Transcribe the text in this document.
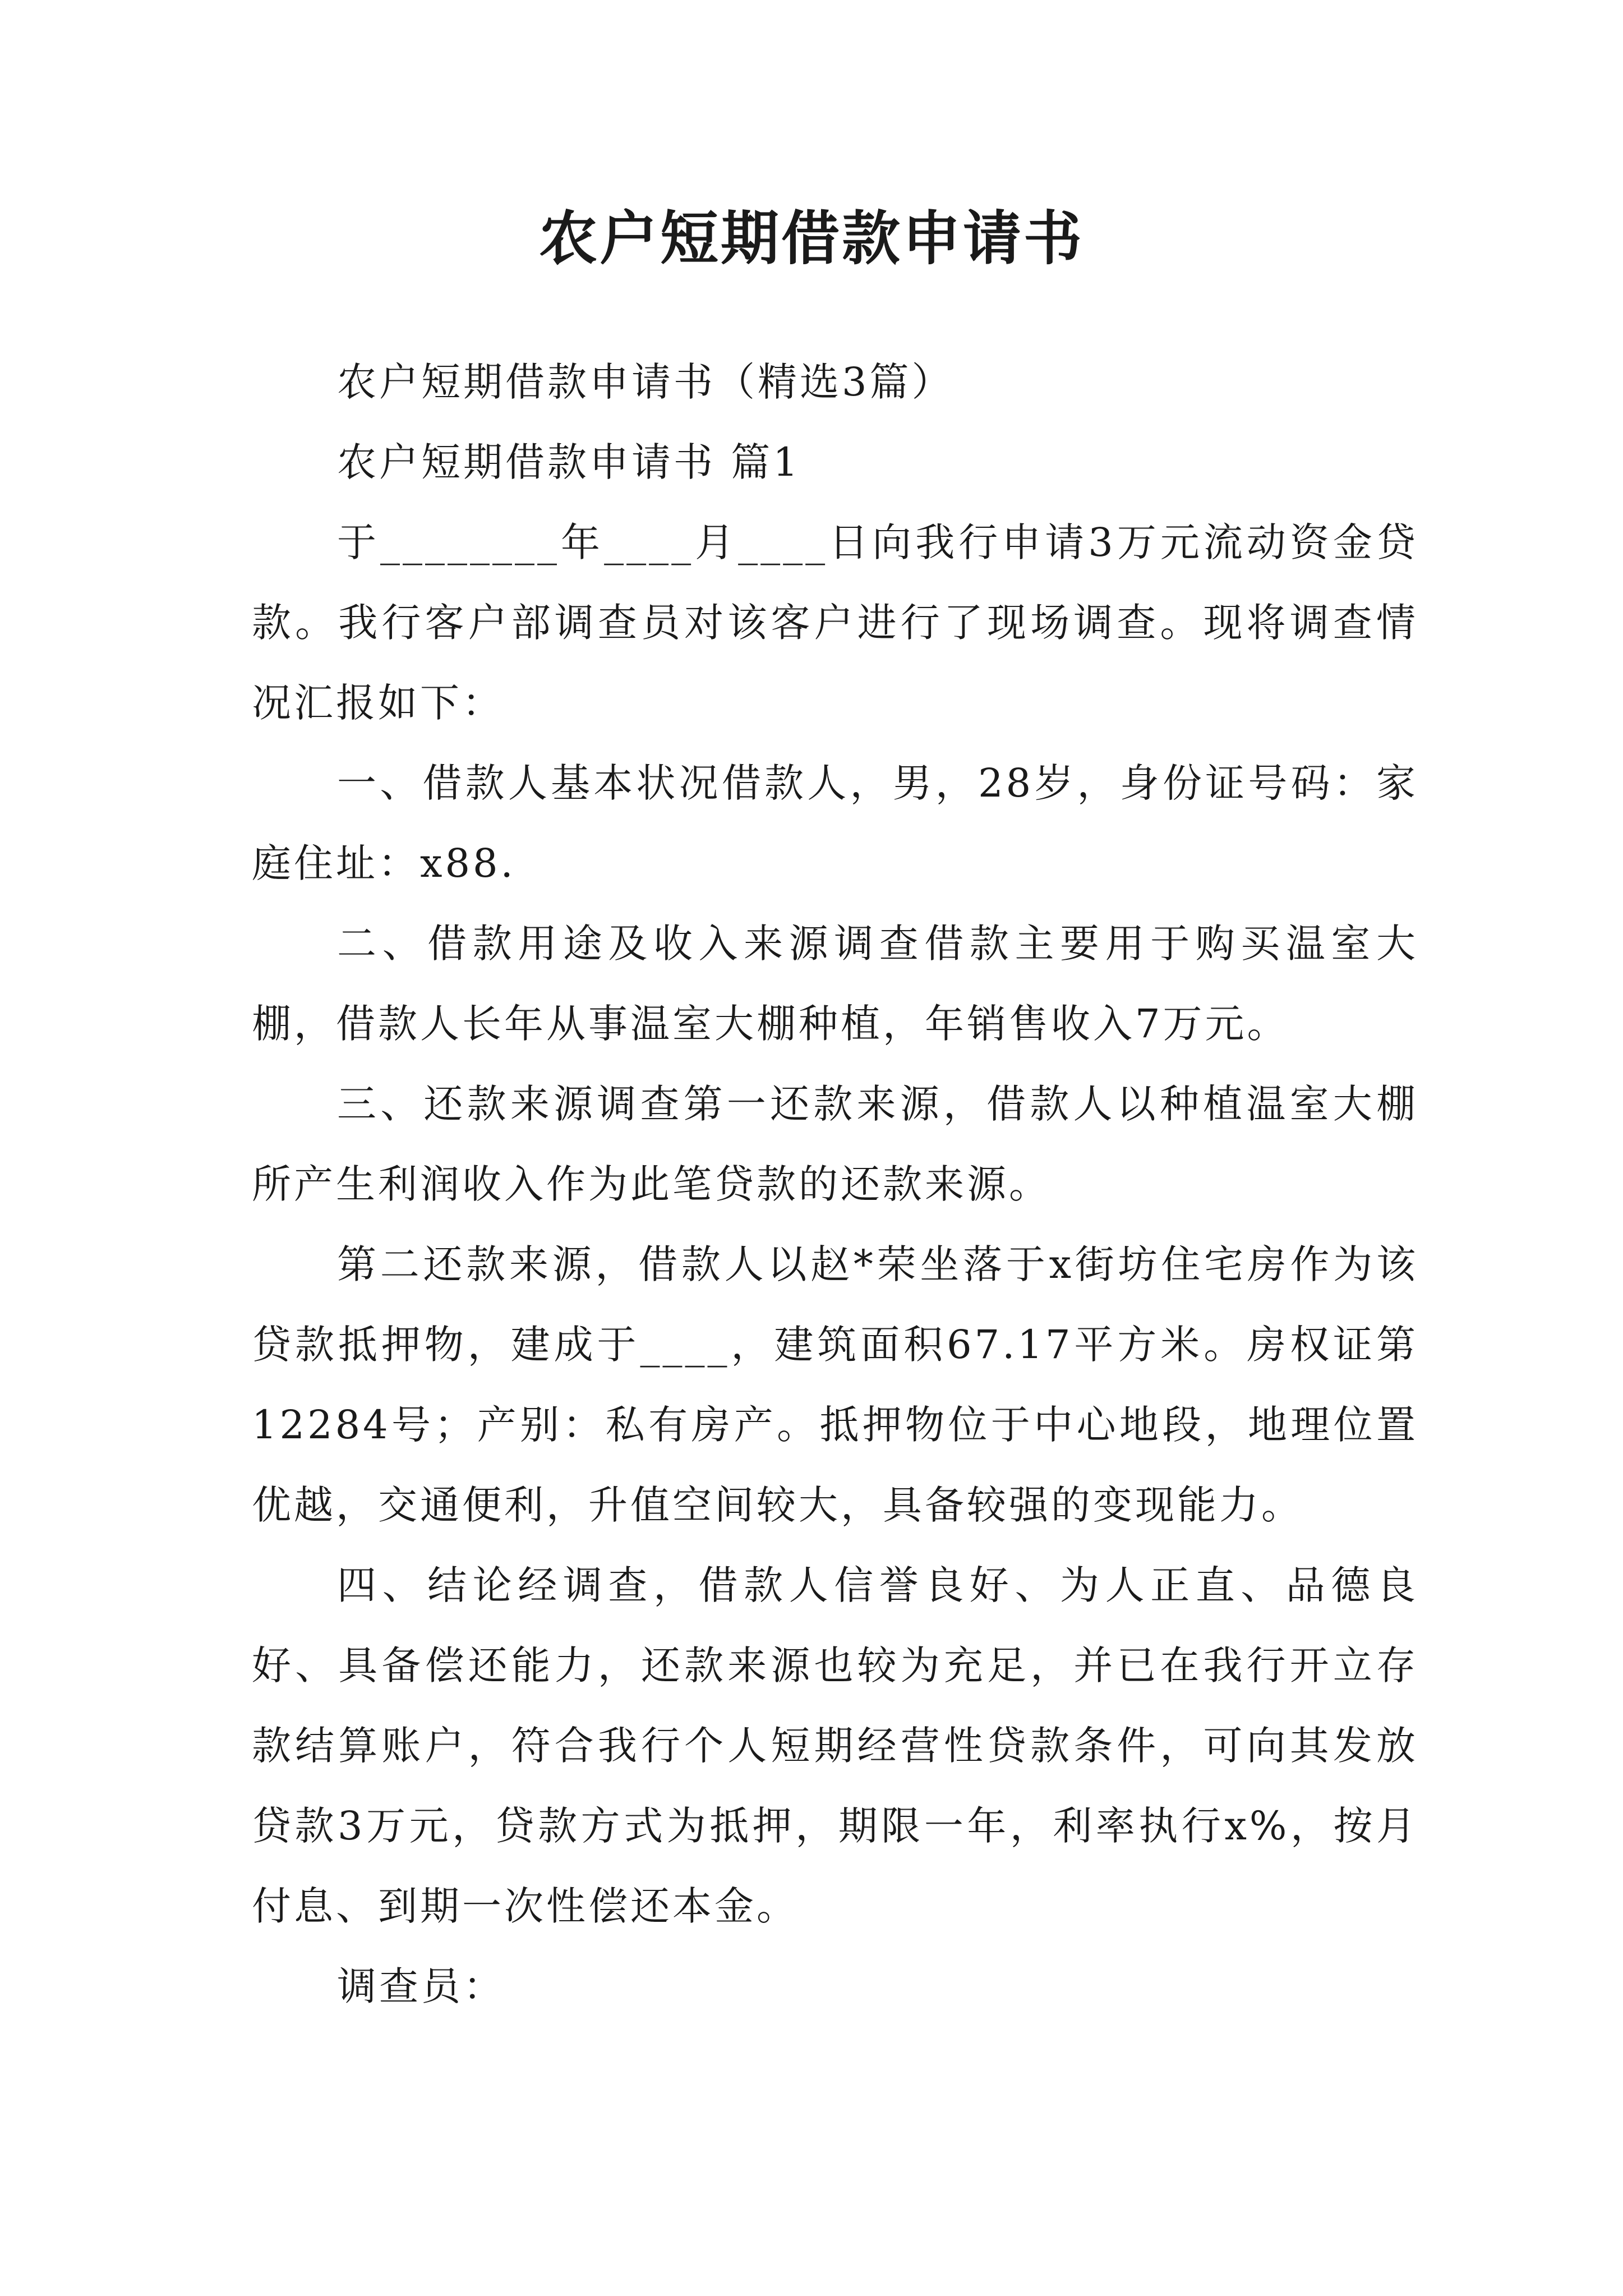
农户短期借款申请书

农户短期借款申请书（精选3篇）

农户短期借款申请书 篇1

于________年____月____日向我行申请3万元流动资金贷款。我行客户部调查员对该客户进行了现场调查。现将调查情况汇报如下：

一、借款人基本状况借款人，男，28岁，身份证号码：家庭住址：x88.

二、借款用途及收入来源调查借款主要用于购买温室大棚，借款人长年从事温室大棚种植，年销售收入7万元。

三、还款来源调查第一还款来源，借款人以种植温室大棚所产生利润收入作为此笔贷款的还款来源。

第二还款来源，借款人以赵*荣坐落于x街坊住宅房作为该贷款抵押物，建成于____，建筑面积67.17平方米。房权证第12284号；产别：私有房产。抵押物位于中心地段，地理位置优越，交通便利，升值空间较大，具备较强的变现能力。

四、结论经调查，借款人信誉良好、为人正直、品德良好、具备偿还能力，还款来源也较为充足，并已在我行开立存款结算账户，符合我行个人短期经营性贷款条件，可向其发放贷款3万元，贷款方式为抵押，期限一年，利率执行x%，按月付息、到期一次性偿还本金。

调查员：
